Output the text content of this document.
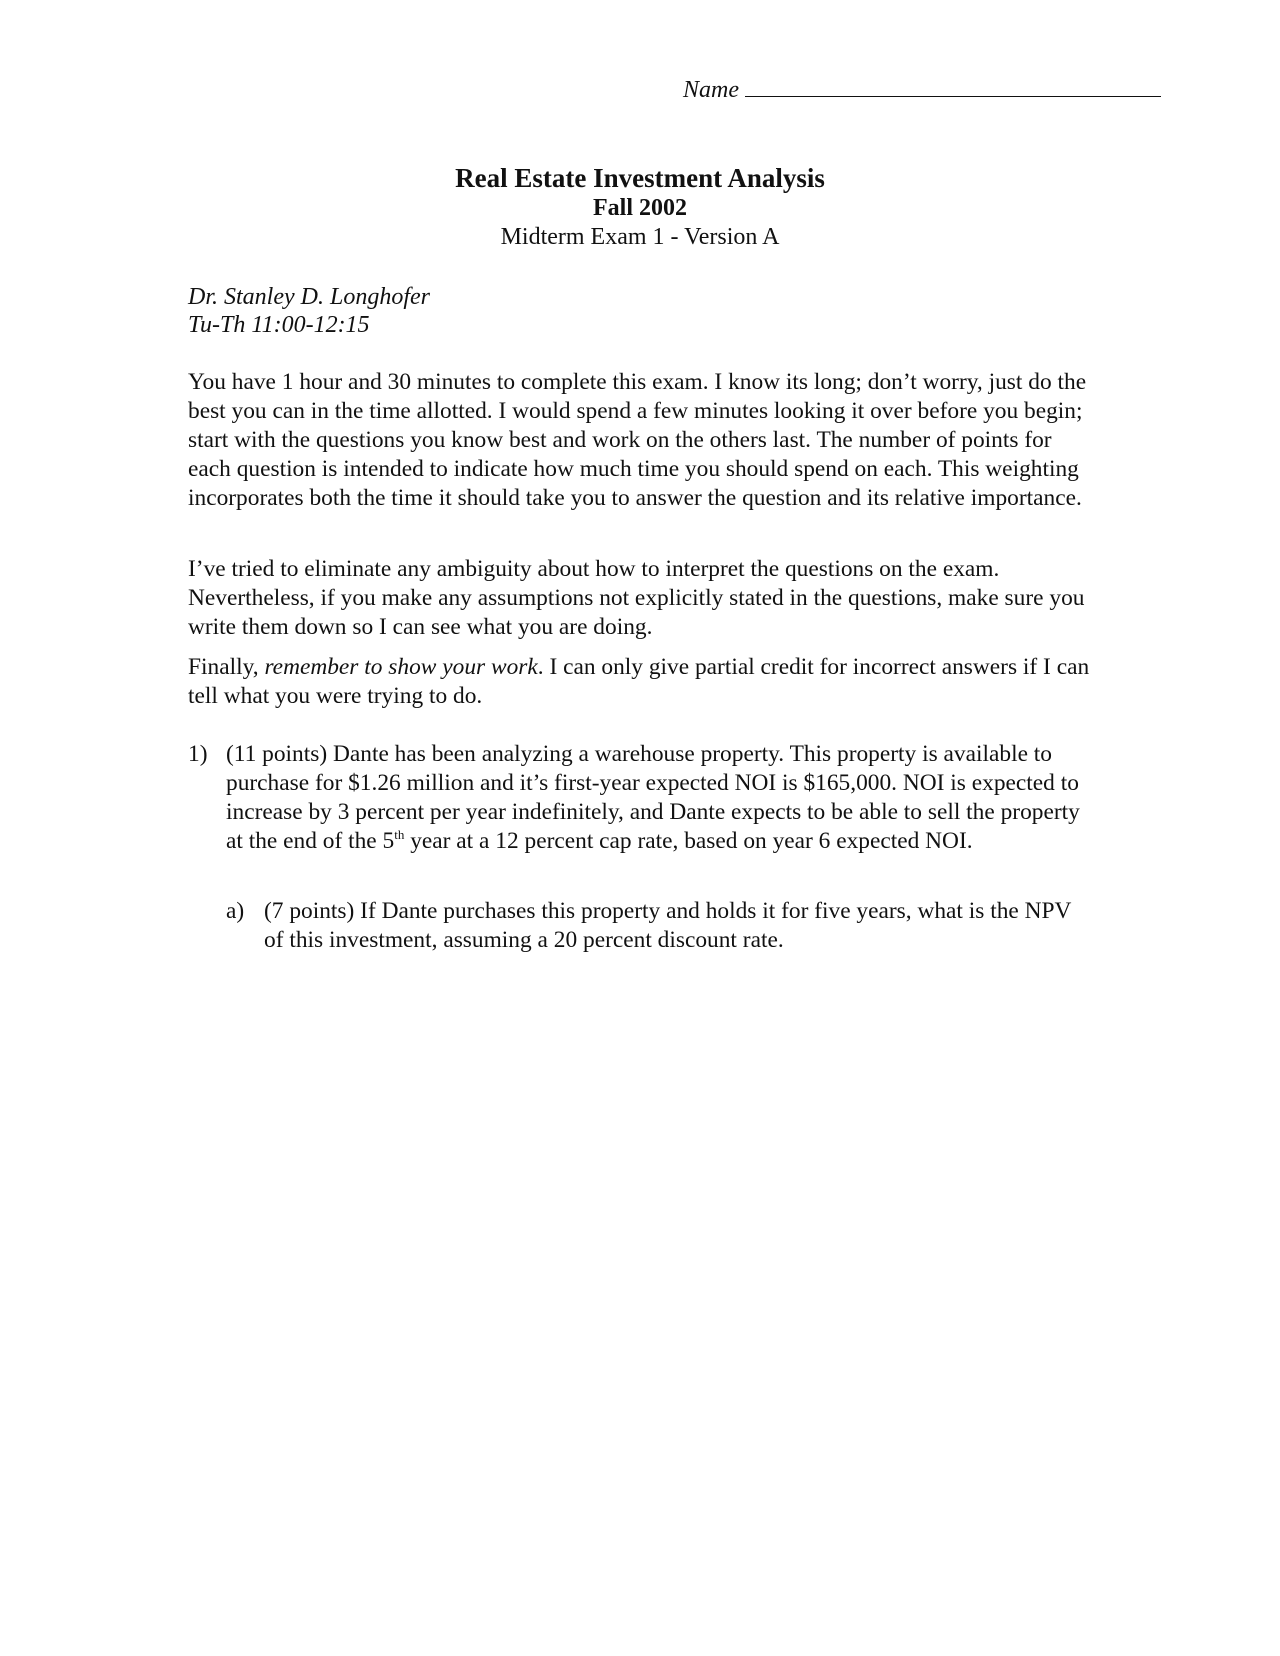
Name

Real Estate Investment Analysis

Fall 2002

Midterm Exam 1 - Version A

Dr. Stanley D. Longhofer
Tu-Th 11:00-12:15
You have 1 hour and 30 minutes to complete this exam. I know its long; don’t worry, just do the best you can in the time allotted. I would spend a few minutes looking it over before you begin; start with the questions you know best and work on the others last. The number of points for each question is intended to indicate how much time you should spend on each. This weighting incorporates both the time it should take you to answer the question and its relative importance.
I’ve tried to eliminate any ambiguity about how to interpret the questions on the exam. Nevertheless, if you make any assumptions not explicitly stated in the questions, make sure you write them down so I can see what you are doing.
Finally, remember to show your work. I can only give partial credit for incorrect answers if I can tell what you were trying to do.
1) (11 points) Dante has been analyzing a warehouse property. This property is available to purchase for $1.26 million and it’s first-year expected NOI is $165,000. NOI is expected to increase by 3 percent per year indefinitely, and Dante expects to be able to sell the property at the end of the 5th year at a 12 percent cap rate, based on year 6 expected NOI.
a) (7 points) If Dante purchases this property and holds it for five years, what is the NPV of this investment, assuming a 20 percent discount rate.
